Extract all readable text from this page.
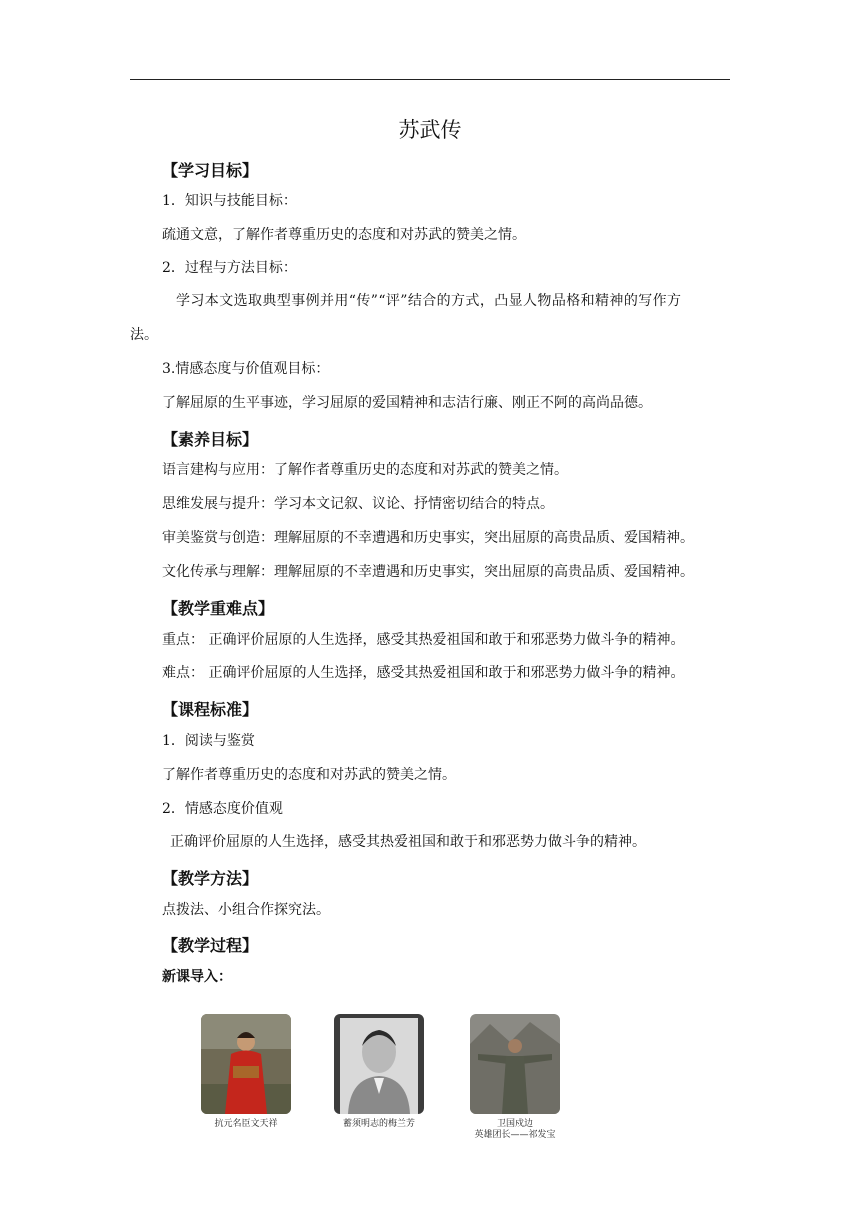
苏武传
【学习目标】
1．知识与技能目标：
疏通文意，了解作者尊重历史的态度和对苏武的赞美之情。
2．过程与方法目标：
学习本文选取典型事例并用“传”“评”结合的方式，凸显人物品格和精神的写作方
法。
3.情感态度与价值观目标：
了解屈原的生平事迹，学习屈原的爱国精神和志洁行廉、刚正不阿的高尚品德。
【素养目标】
语言建构与应用：了解作者尊重历史的态度和对苏武的赞美之情。
思维发展与提升：学习本文记叙、议论、抒情密切结合的特点。
审美鉴赏与创造：理解屈原的不幸遭遇和历史事实，突出屈原的高贵品质、爱国精神。
文化传承与理解：理解屈原的不幸遭遇和历史事实，突出屈原的高贵品质、爱国精神。
【教学重难点】
重点： 正确评价屈原的人生选择，感受其热爱祖国和敢于和邪恶势力做斗争的精神。
难点： 正确评价屈原的人生选择，感受其热爱祖国和敢于和邪恶势力做斗争的精神。
【课程标准】
1．阅读与鉴赏
了解作者尊重历史的态度和对苏武的赞美之情。
2．情感态度价值观
正确评价屈原的人生选择，感受其热爱祖国和敢于和邪恶势力做斗争的精神。
【教学方法】
点拨法、小组合作探究法。
【教学过程】
新课导入：
抗元名臣文天祥	蓄须明志的梅兰芳	卫国戍边
英雄团长——祁发宝
